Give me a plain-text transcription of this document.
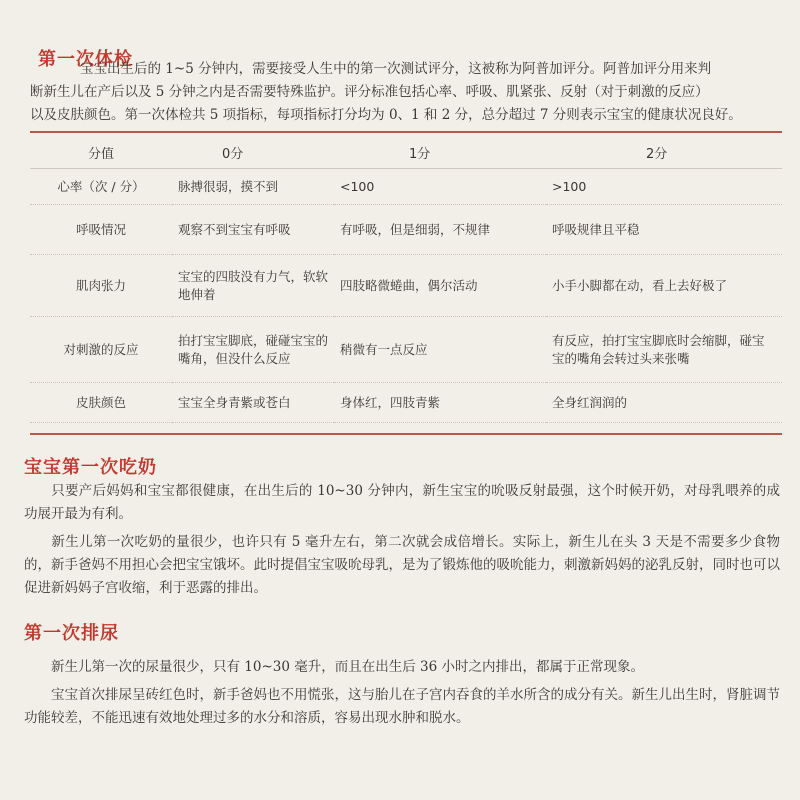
第一次体检
宝宝出生后的 1~5 分钟内，需要接受人生中的第一次测试评分，这被称为阿普加评分。阿普加评分用来判
断新生儿在产后以及 5 分钟之内是否需要特殊监护。评分标准包括心率、呼吸、肌紧张、反射（对于刺激的反应）
以及皮肤颜色。第一次体检共 5 项指标，每项指标打分均为 0、1 和 2 分，总分超过 7 分则表示宝宝的健康状况良好。
分值	0分	1分	2分
心率（次 / 分）	脉搏很弱，摸不到	<100	>100
呼吸情况	观察不到宝宝有呼吸	有呼吸，但是细弱，不规律	呼吸规律且平稳
肌肉张力	宝宝的四肢没有力气，软软地伸着	四肢略微蜷曲，偶尔活动	小手小脚都在动，看上去好极了
对刺激的反应	拍打宝宝脚底，碰碰宝宝的嘴角，但没什么反应	稍微有一点反应	有反应，拍打宝宝脚底时会缩脚，碰宝宝的嘴角会转过头来张嘴
皮肤颜色	宝宝全身青紫或苍白	身体红，四肢青紫	全身红润润的
宝宝第一次吃奶
只要产后妈妈和宝宝都很健康，在出生后的 10~30 分钟内，新生宝宝的吮吸反射最强，这个时候开奶，对母乳喂养的成功展开最为有利。
新生儿第一次吃奶的量很少，也许只有 5 毫升左右，第二次就会成倍增长。实际上，新生儿在头 3 天是不需要多少食物的，新手爸妈不用担心会把宝宝饿坏。此时提倡宝宝吸吮母乳，是为了锻炼他的吸吮能力，刺激新妈妈的泌乳反射，同时也可以促进新妈妈子宫收缩，利于恶露的排出。
第一次排尿
新生儿第一次的尿量很少，只有 10~30 毫升，而且在出生后 36 小时之内排出，都属于正常现象。
宝宝首次排尿呈砖红色时，新手爸妈也不用慌张，这与胎儿在子宫内吞食的羊水所含的成分有关。新生儿出生时，肾脏调节功能较差，不能迅速有效地处理过多的水分和溶质，容易出现水肿和脱水。
